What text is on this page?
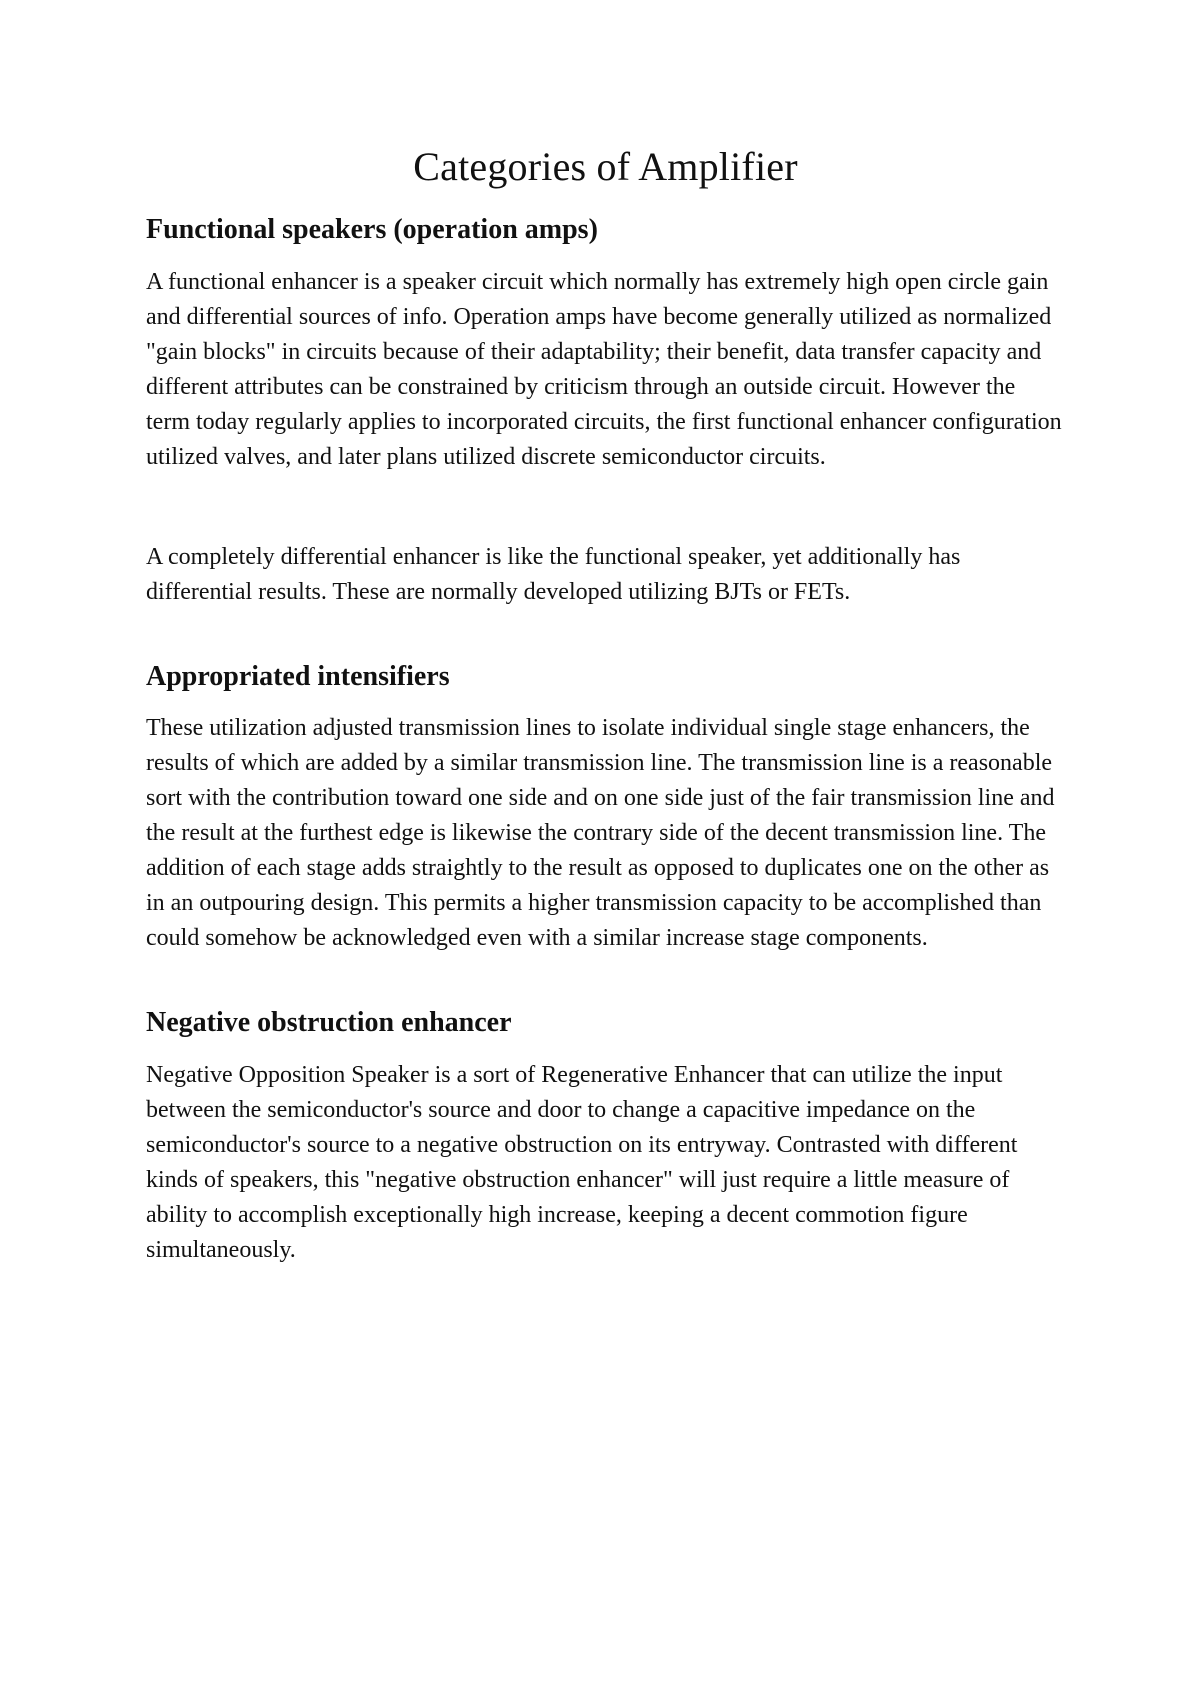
Categories of Amplifier
Functional speakers (operation amps)

A functional enhancer is a speaker circuit which normally has extremely high open circle gain and differential sources of info. Operation amps have become generally utilized as normalized "gain blocks" in circuits because of their adaptability; their benefit, data transfer capacity and different attributes can be constrained by criticism through an outside circuit. However the term today regularly applies to incorporated circuits, the first functional enhancer configuration utilized valves, and later plans utilized discrete semiconductor circuits.

A completely differential enhancer is like the functional speaker, yet additionally has differential results. These are normally developed utilizing BJTs or FETs.

Appropriated intensifiers

These utilization adjusted transmission lines to isolate individual single stage enhancers, the results of which are added by a similar transmission line. The transmission line is a reasonable sort with the contribution toward one side and on one side just of the fair transmission line and the result at the furthest edge is likewise the contrary side of the decent transmission line. The addition of each stage adds straightly to the result as opposed to duplicates one on the other as in an outpouring design. This permits a higher transmission capacity to be accomplished than could somehow be acknowledged even with a similar increase stage components.

Negative obstruction enhancer

Negative Opposition Speaker is a sort of Regenerative Enhancer that can utilize the input between the semiconductor's source and door to change a capacitive impedance on the semiconductor's source to a negative obstruction on its entryway. Contrasted with different kinds of speakers, this "negative obstruction enhancer" will just require a little measure of ability to accomplish exceptionally high increase, keeping a decent commotion figure simultaneously.
